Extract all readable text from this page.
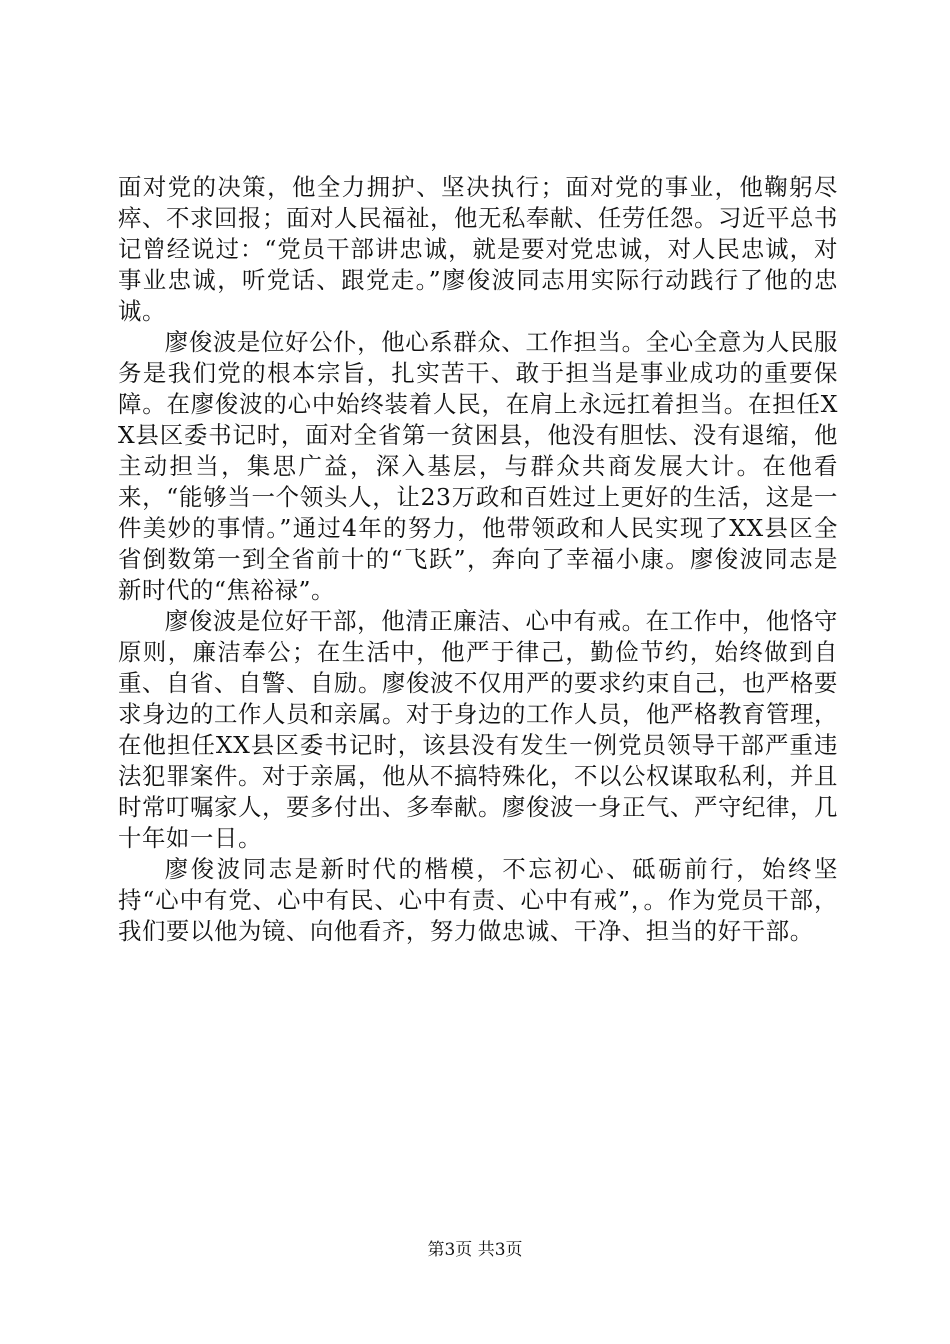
面对党的决策，他全力拥护、坚决执行；面对党的事业，他鞠躬尽瘁、不求回报；面对人民福祉，他无私奉献、任劳任怨。习近平总书记曾经说过：“党员干部讲忠诚，就是要对党忠诚，对人民忠诚，对事业忠诚，听党话、跟党走。”廖俊波同志用实际行动践行了他的忠诚。

廖俊波是位好公仆，他心系群众、工作担当。全心全意为人民服务是我们党的根本宗旨，扎实苦干、敢于担当是事业成功的重要保障。在廖俊波的心中始终装着人民，在肩上永远扛着担当。在担任XX县区委书记时，面对全省第一贫困县，他没有胆怯、没有退缩，他主动担当，集思广益，深入基层，与群众共商发展大计。在他看来，“能够当一个领头人，让23万政和百姓过上更好的生活，这是一件美妙的事情。”通过4年的努力，他带领政和人民实现了XX县区全省倒数第一到全省前十的“飞跃”，奔向了幸福小康。廖俊波同志是新时代的“焦裕禄”。

廖俊波是位好干部，他清正廉洁、心中有戒。在工作中，他恪守原则，廉洁奉公；在生活中，他严于律己，勤俭节约，始终做到自重、自省、自警、自励。廖俊波不仅用严的要求约束自己，也严格要求身边的工作人员和亲属。对于身边的工作人员，他严格教育管理，在他担任XX县区委书记时，该县没有发生一例党员领导干部严重违法犯罪案件。对于亲属，他从不搞特殊化，不以公权谋取私利，并且时常叮嘱家人，要多付出、多奉献。廖俊波一身正气、严守纪律，几十年如一日。

廖俊波同志是新时代的楷模，不忘初心、砥砺前行，始终坚持“心中有党、心中有民、心中有责、心中有戒”，。作为党员干部，我们要以他为镜、向他看齐，努力做忠诚、干净、担当的好干部。

第3页 共3页
